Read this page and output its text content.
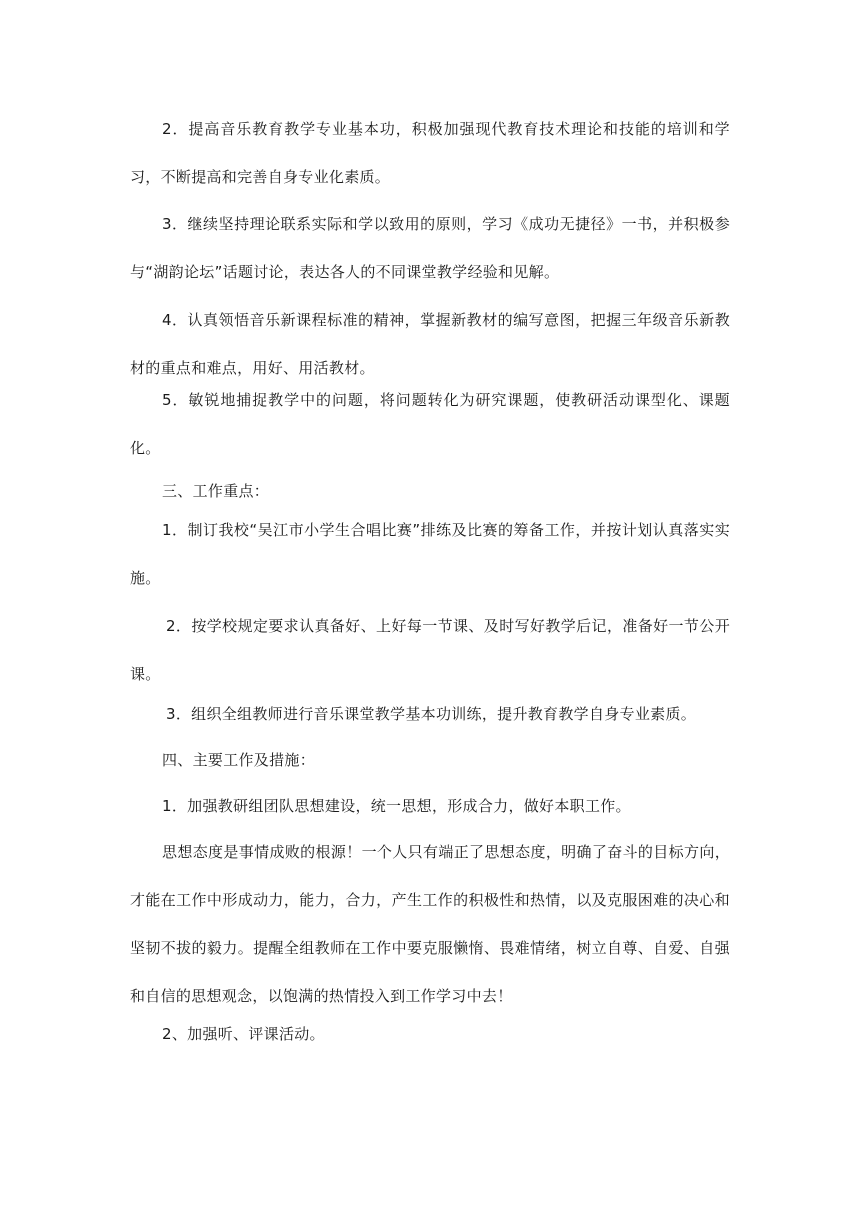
2．提高音乐教育教学专业基本功，积极加强现代教育技术理论和技能的培训和学习，不断提高和完善自身专业化素质。

3．继续坚持理论联系实际和学以致用的原则，学习《成功无捷径》一书，并积极参与“湖韵论坛”话题讨论，表达各人的不同课堂教学经验和见解。

4．认真领悟音乐新课程标准的精神，掌握新教材的编写意图，把握三年级音乐新教材的重点和难点，用好、用活教材。

5．敏锐地捕捉教学中的问题，将问题转化为研究课题，使教研活动课型化、课题化。

三、工作重点：

1．制订我校“吴江市小学生合唱比赛”排练及比赛的筹备工作，并按计划认真落实实施。

2．按学校规定要求认真备好、上好每一节课、及时写好教学后记，准备好一节公开课。

3．组织全组教师进行音乐课堂教学基本功训练，提升教育教学自身专业素质。

四、主要工作及措施：

1．加强教研组团队思想建设，统一思想，形成合力，做好本职工作。

思想态度是事情成败的根源！一个人只有端正了思想态度，明确了奋斗的目标方向，才能在工作中形成动力，能力，合力，产生工作的积极性和热情，以及克服困难的决心和坚韧不拔的毅力。提醒全组教师在工作中要克服懒惰、畏难情绪，树立自尊、自爱、自强和自信的思想观念，以饱满的热情投入到工作学习中去！

2、加强听、评课活动。
